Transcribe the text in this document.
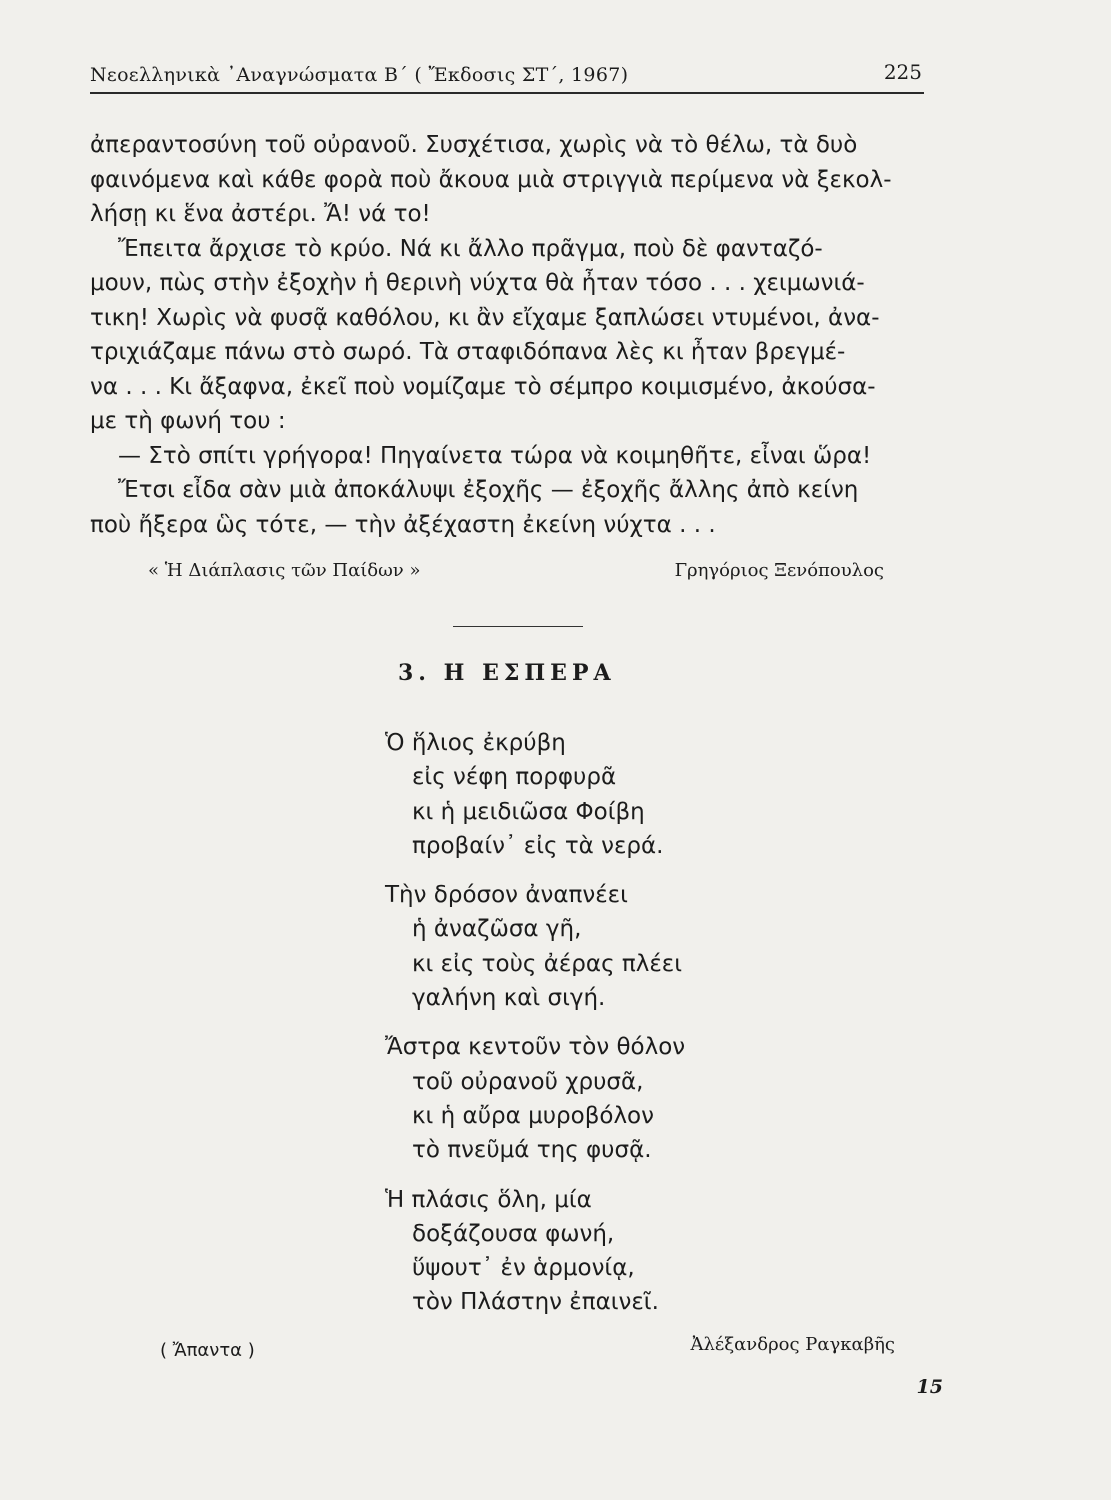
Νεοελληνικὰ ᾿Αναγνώσματα Β΄ ( Ἔκδοσις ΣΤ΄, 1967)	225

ἀπεραντοσύνη τοῦ οὐρανοῦ. Συσχέτισα, χωρὶς νὰ τὸ θέλω, τὰ δυὸ
φαινόμενα καὶ κάθε φορὰ ποὺ ἄκουα μιὰ στριγγιὰ περίμενα νὰ ξεκολ-
λήσῃ κι ἕνα ἀστέρι. Ἄ! νά το!

Ἔπειτα ἄρχισε τὸ κρύο. Νά κι ἄλλο πρᾶγμα, ποὺ δὲ φανταζό-
μουν, πὼς στὴν ἐξοχὴν ἡ θερινὴ νύχτα θὰ ἦταν τόσο . . . χειμωνιά-
τικη! Χωρὶς νὰ φυσᾷ καθόλου, κι ἂν εἴχαμε ξαπλώσει ντυμένοι, ἀνα-
τριχιάζαμε πάνω στὸ σωρό. Τὰ σταφιδόπανα λὲς κι ἦταν βρεγμέ-
να . . . Κι ἄξαφνα, ἐκεῖ ποὺ νομίζαμε τὸ σέμπρο κοιμισμένο, ἀκούσα-
με τὴ φωνή του :

— Στὸ σπίτι γρήγορα! Πηγαίνετα τώρα νὰ κοιμηθῆτε, εἶναι ὥρα!

Ἔτσι εἶδα σὰν μιὰ ἀποκάλυψι ἐξοχῆς — ἐξοχῆς ἄλλης ἀπὸ κείνη
ποὺ ἤξερα ὣς τότε, — τὴν ἀξέχαστη ἐκείνη νύχτα . . .

« Ἡ Διάπλασις τῶν Παίδων »	Γρηγόριος Ξενόπουλος
3. Η ΕΣΠΕΡΑ
Ὁ ἥλιος ἐκρύβη
εἰς νέφη πορφυρᾶ
κι ἡ μειδιῶσα Φοίβη
προβαίν᾿ εἰς τὰ νερά.
Τὴν δρόσον ἀναπνέει
ἡ ἀναζῶσα γῆ,
κι εἰς τοὺς ἀέρας πλέει
γαλήνη καὶ σιγή.
Ἄστρα κεντοῦν τὸν θόλον
τοῦ οὐρανοῦ χρυσᾶ,
κι ἡ αὔρα μυροβόλον
τὸ πνεῦμά της φυσᾷ.
Ἡ πλάσις ὅλη, μία
δοξάζουσα φωνή,
ὕψουτ᾿ ἐν ἁρμονίᾳ,
τὸν Πλάστην ἐπαινεῖ.
( Ἄπαντα )	Ἀλέξανδρος Ραγκαβῆς
15
